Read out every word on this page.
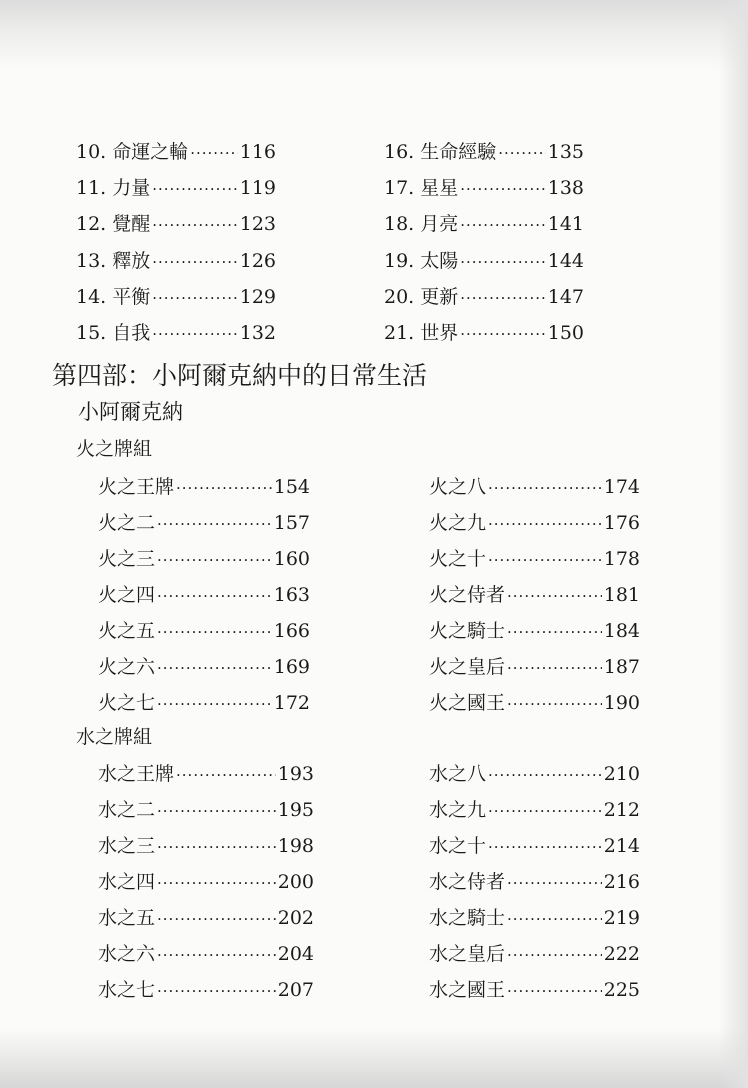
第四部：小阿爾克納中的日常生活
小阿爾克納
火之牌組
水之牌組
10. 命運之輪 ·····	116
11. 力量 ·····	119
12. 覺醒 ·····	123
13. 釋放 ·····	126
14. 平衡 ·····	129
15. 自我 ·····	132
16. 生命經驗 ·····	135
17. 星星 ·····	138
18. 月亮 ·····	141
19. 太陽 ·····	144
20. 更新 ·····	147
21. 世界 ·····	150
火之王牌 ·····	154
火之二 ·····	157
火之三 ·····	160
火之四 ·····	163
火之五 ·····	166
火之六 ·····	169
火之七 ·····	172
火之八 ·····	174
火之九 ·····	176
火之十 ·····	178
火之侍者 ·····	181
火之騎士 ·····	184
火之皇后 ·····	187
火之國王 ·····	190
水之王牌 ·····	193
水之二 ·····	195
水之三 ·····	198
水之四 ·····	200
水之五 ·····	202
水之六 ·····	204
水之七 ·····	207
水之八 ·····	210
水之九 ·····	212
水之十 ·····	214
水之侍者 ·····	216
水之騎士 ·····	219
水之皇后 ·····	222
水之國王 ·····	225
